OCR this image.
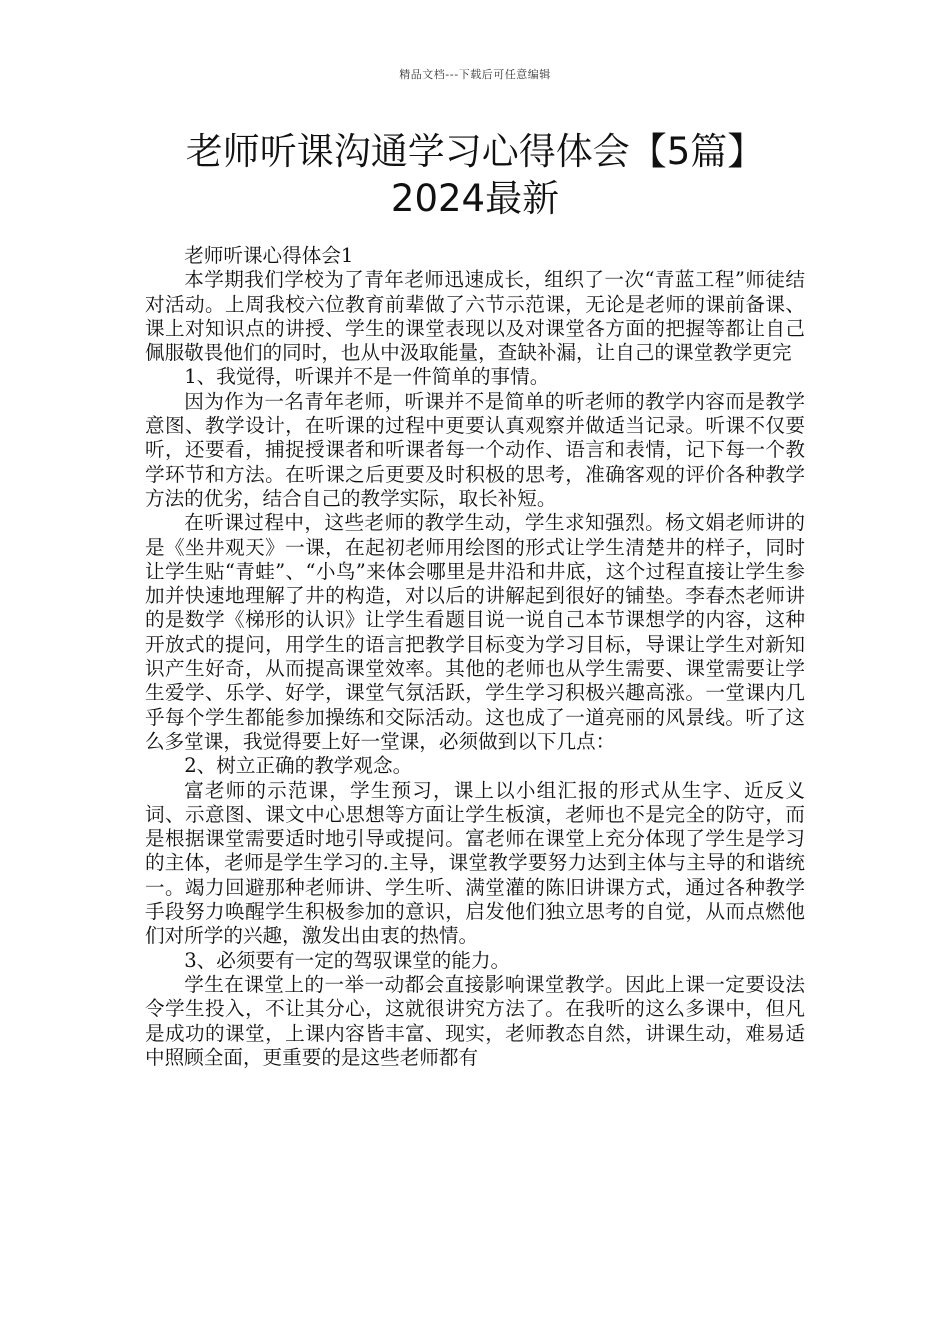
精品文档---下载后可任意编辑
老师听课沟通学习心得体会【5篇】2024最新

老师听课心得体会1

本学期我们学校为了青年老师迅速成长，组织了一次“青蓝工程”师徒结对活动。上周我校六位教育前辈做了六节示范课，无论是老师的课前备课、课上对知识点的讲授、学生的课堂表现以及对课堂各方面的把握等都让自己佩服敬畏他们的同时，也从中汲取能量，查缺补漏，让自己的课堂教学更完

1、我觉得，听课并不是一件简单的事情。

因为作为一名青年老师，听课并不是简单的听老师的教学内容而是教学意图、教学设计，在听课的过程中更要认真观察并做适当记录。听课不仅要听，还要看，捕捉授课者和听课者每一个动作、语言和表情，记下每一个教学环节和方法。在听课之后更要及时积极的思考，准确客观的评价各种教学方法的优劣，结合自己的教学实际，取长补短。

在听课过程中，这些老师的教学生动，学生求知强烈。杨文娟老师讲的是《坐井观天》一课，在起初老师用绘图的形式让学生清楚井的样子，同时让学生贴“青蛙”、“小鸟”来体会哪里是井沿和井底，这个过程直接让学生参加并快速地理解了井的构造，对以后的讲解起到很好的铺垫。李春杰老师讲的是数学《梯形的认识》让学生看题目说一说自己本节课想学的内容，这种开放式的提问，用学生的语言把教学目标变为学习目标，导课让学生对新知识产生好奇，从而提高课堂效率。其他的老师也从学生需要、课堂需要让学生爱学、乐学、好学，课堂气氛活跃，学生学习积极兴趣高涨。一堂课内几乎每个学生都能参加操练和交际活动。这也成了一道亮丽的风景线。听了这么多堂课，我觉得要上好一堂课，必须做到以下几点：

2、树立正确的教学观念。

富老师的示范课，学生预习，课上以小组汇报的形式从生字、近反义词、示意图、课文中心思想等方面让学生板演，老师也不是完全的防守，而是根据课堂需要适时地引导或提问。富老师在课堂上充分体现了学生是学习的主体，老师是学生学习的.主导，课堂教学要努力达到主体与主导的和谐统一。竭力回避那种老师讲、学生听、满堂灌的陈旧讲课方式，通过各种教学手段努力唤醒学生积极参加的意识，启发他们独立思考的自觉，从而点燃他们对所学的兴趣，激发出由衷的热情。

3、必须要有一定的驾驭课堂的能力。

学生在课堂上的一举一动都会直接影响课堂教学。因此上课一定要设法令学生投入，不让其分心，这就很讲究方法了。在我听的这么多课中，但凡是成功的课堂，上课内容皆丰富、现实，老师教态自然，讲课生动，难易适中照顾全面，更重要的是这些老师都有
